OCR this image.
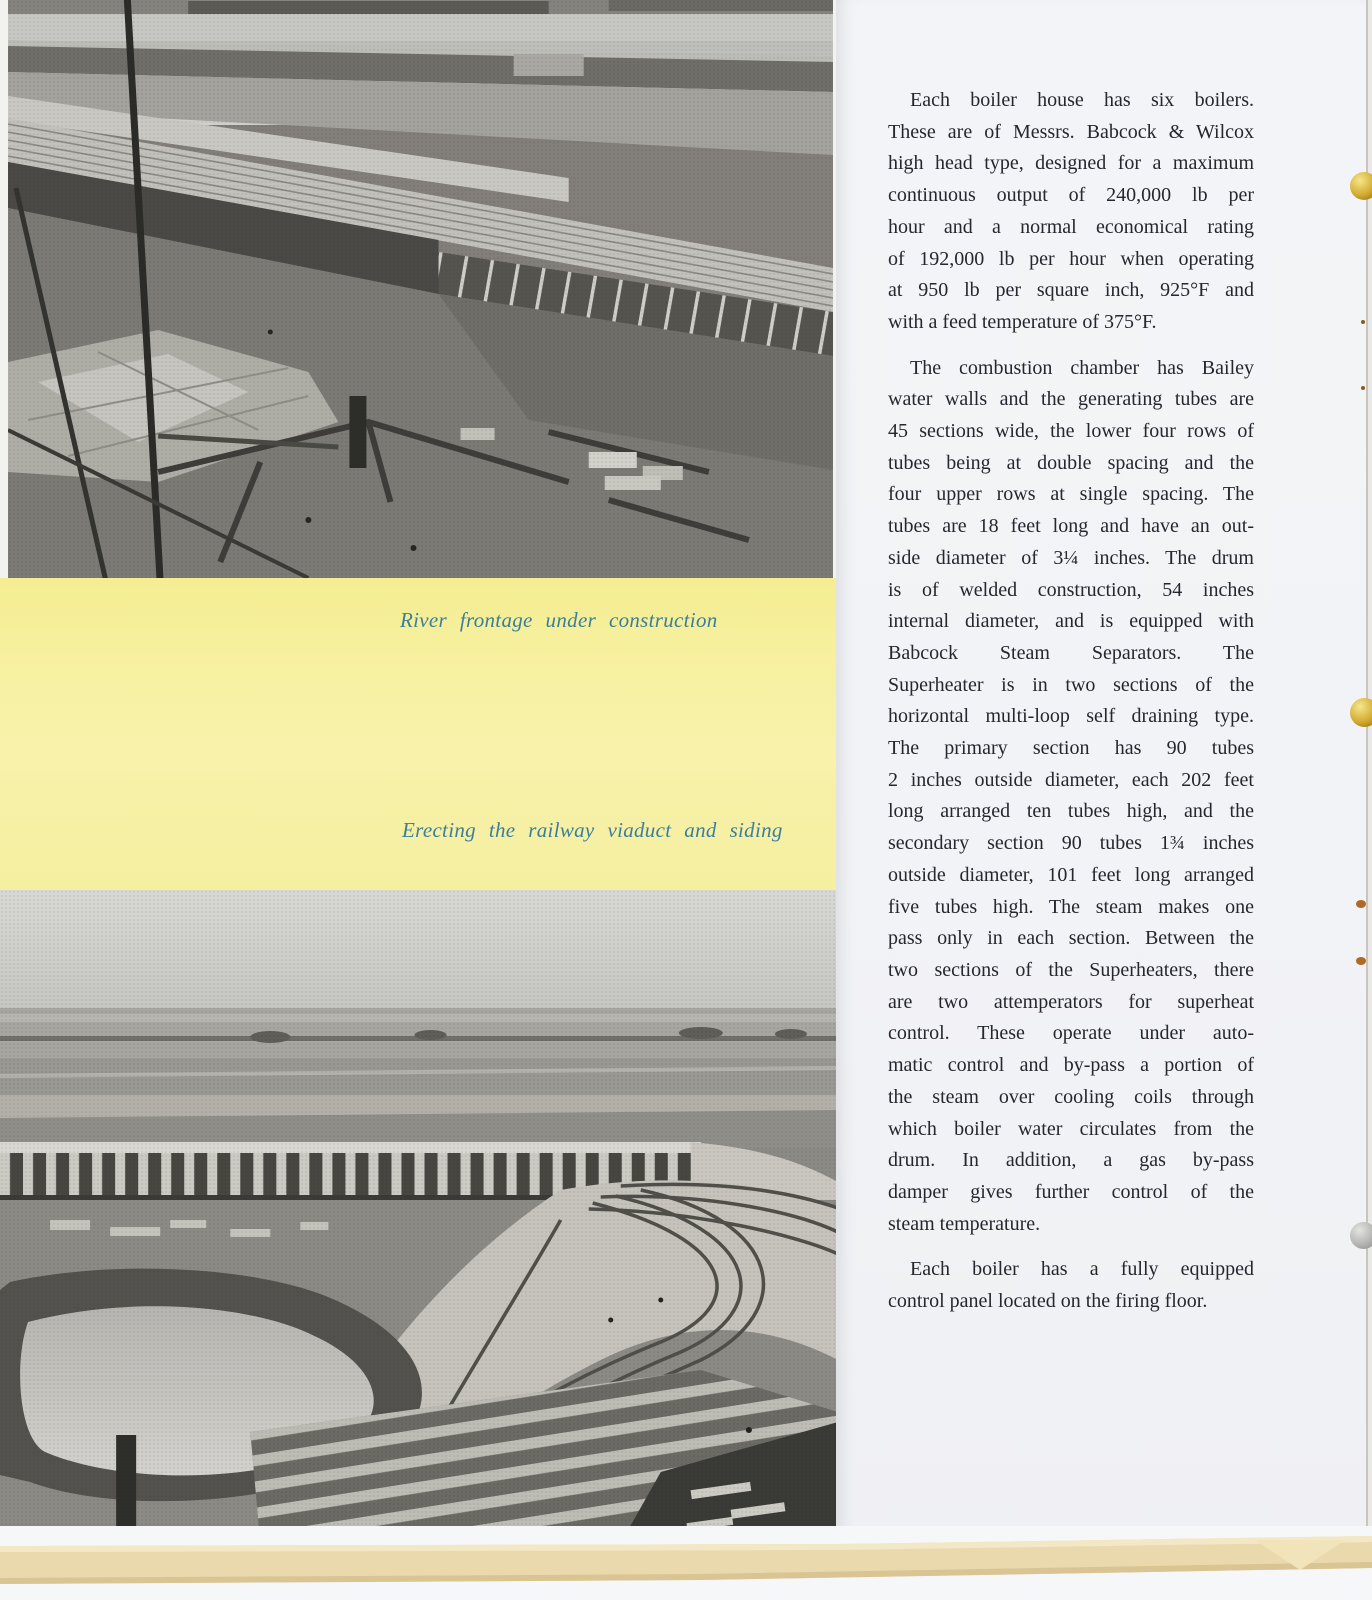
River frontage under construction
Erecting the railway viaduct and siding
Each boiler house has six boilers.
These are of Messrs. Babcock & Wilcox
high head type, designed for a maximum
continuous output of 240,000 lb per
hour and a normal economical rating
of 192,000 lb per hour when operating
at 950 lb per square inch, 925°F and
with a feed temperature of 375°F.
The combustion chamber has Bailey
water walls and the generating tubes are
45 sections wide, the lower four rows of
tubes being at double spacing and the
four upper rows at single spacing. The
tubes are 18 feet long and have an out-
side diameter of 3¼ inches. The drum
is of welded construction, 54 inches
internal diameter, and is equipped with
Babcock Steam Separators. The
Superheater is in two sections of the
horizontal multi-loop self draining type.
The primary section has 90 tubes
2 inches outside diameter, each 202 feet
long arranged ten tubes high, and the
secondary section 90 tubes 1¾ inches
outside diameter, 101 feet long arranged
five tubes high. The steam makes one
pass only in each section. Between the
two sections of the Superheaters, there
are two attemperators for superheat
control. These operate under auto-
matic control and by-pass a portion of
the steam over cooling coils through
which boiler water circulates from the
drum. In addition, a gas by-pass
damper gives further control of the
steam temperature.
Each boiler has a fully equipped
control panel located on the firing floor.
